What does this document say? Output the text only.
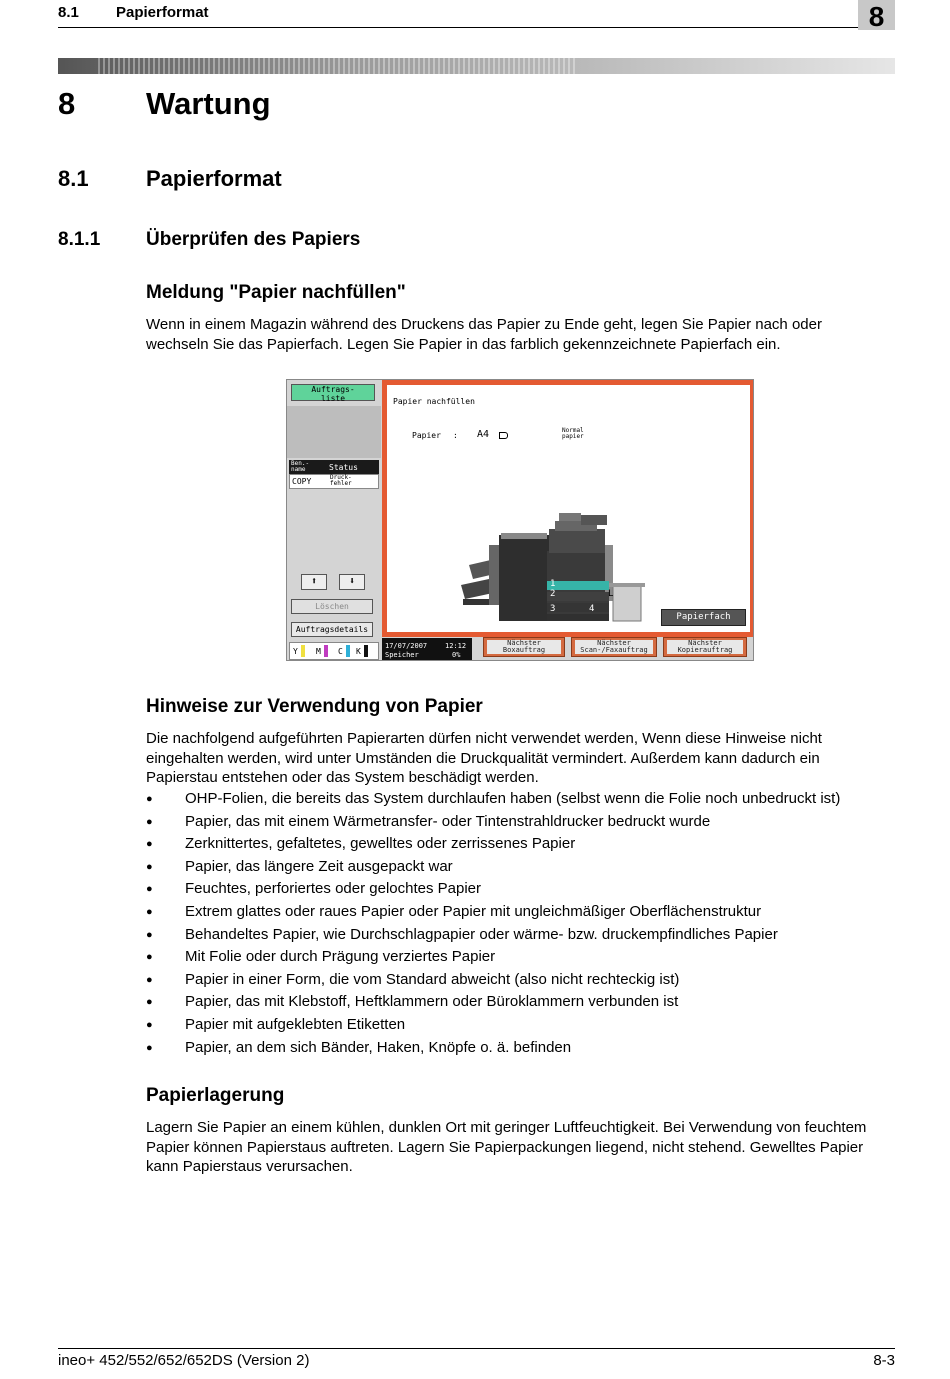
8.1 Papierformat	8
8 Wartung
8.1	Papierformat
8.1.1 Überprüfen des Papiers
Meldung "Papier nachfüllen"
Wenn in einem Magazin während des Druckens das Papier zu Ende geht, legen Sie Papier nach oder
wechseln Sie das Papierfach. Legen Sie Papier in das farblich gekennzeichnete Papierfach ein.
Auftrags-
liste
Ben.-
name	Status
COPY	Druck-
fehler
⬆	⬇
Löschen
Auftragsdetails
Y M C K
Papier nachfüllen
Papier : A4	Normal
papier
1
2
3	4
L
Papierfach
17/07/2007	12:12
Speicher	0%
Nächster
Boxauftrag
Nächster
Scan-/Faxauftrag
Nächster
Kopierauftrag
Hinweise zur Verwendung von Papier
Die nachfolgend aufgeführten Papierarten dürfen nicht verwendet werden, Wenn diese Hinweise nicht
eingehalten werden, wird unter Umständen die Druckqualität vermindert. Außerdem kann dadurch ein
Papierstau entstehen oder das System beschädigt werden.
● OHP-Folien, die bereits das System durchlaufen haben (selbst wenn die Folie noch unbedruckt ist)
● Papier, das mit einem Wärmetransfer- oder Tintenstrahldrucker bedruckt wurde
● Zerknittertes, gefaltetes, gewelltes oder zerrissenes Papier
● Papier, das längere Zeit ausgepackt war
● Feuchtes, perforiertes oder gelochtes Papier
● Extrem glattes oder raues Papier oder Papier mit ungleichmäßiger Oberflächenstruktur
● Behandeltes Papier, wie Durchschlagpapier oder wärme- bzw. druckempfindliches Papier
● Mit Folie oder durch Prägung verziertes Papier
● Papier in einer Form, die vom Standard abweicht (also nicht rechteckig ist)
● Papier, das mit Klebstoff, Heftklammern oder Büroklammern verbunden ist
● Papier mit aufgeklebten Etiketten
● Papier, an dem sich Bänder, Haken, Knöpfe o. ä. befinden
Papierlagerung
Lagern Sie Papier an einem kühlen, dunklen Ort mit geringer Luftfeuchtigkeit. Bei Verwendung von feuchtem
Papier können Papierstaus auftreten. Lagern Sie Papierpackungen liegend, nicht stehend. Gewelltes Papier
kann Papierstaus verursachen.
ineo+ 452/552/652/652DS (Version 2)	8-3
